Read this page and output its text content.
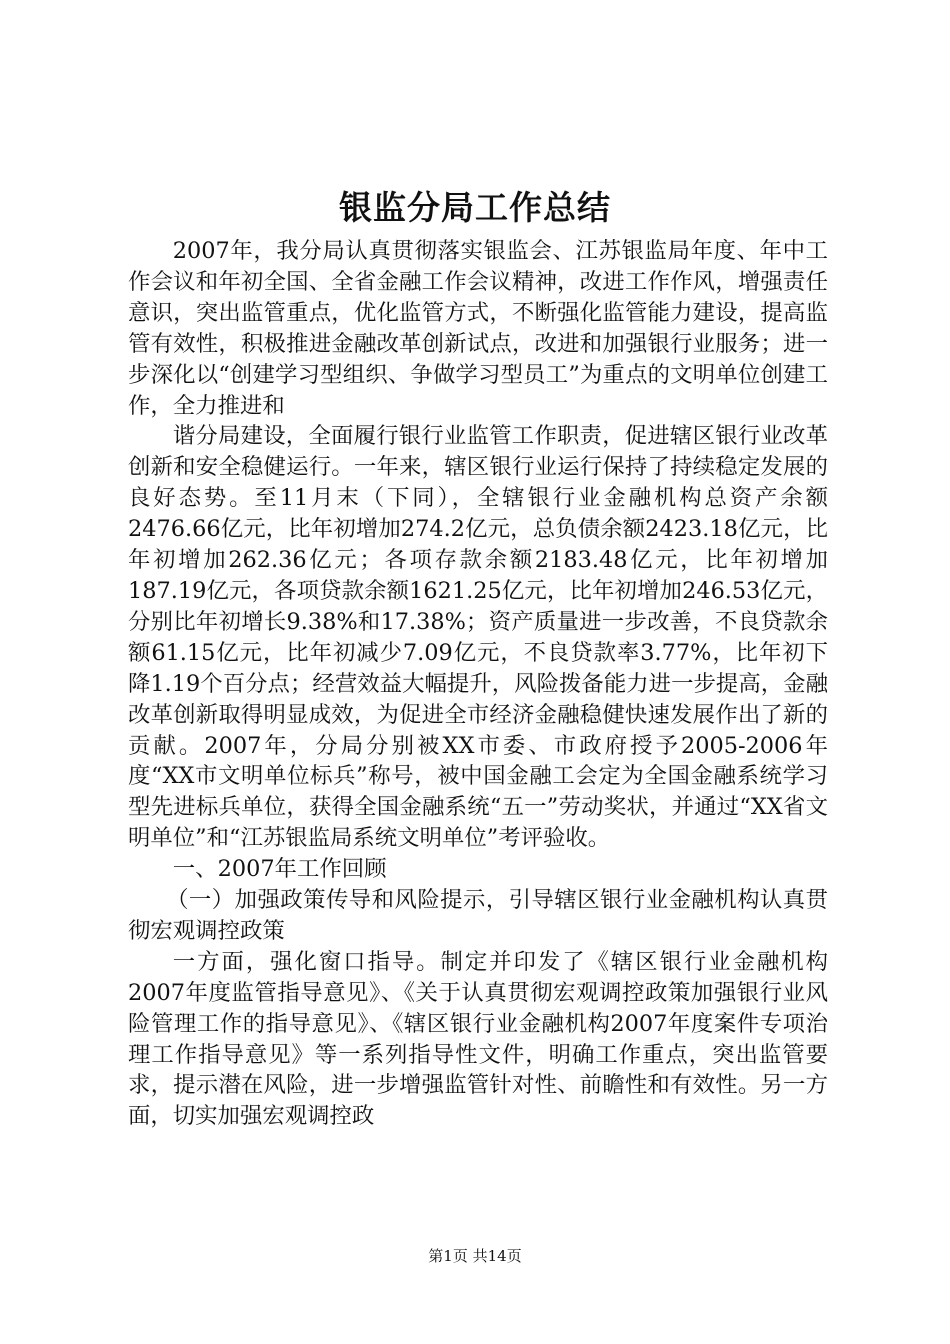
银监分局工作总结

2007年，我分局认真贯彻落实银监会、江苏银监局年度、年中工作会议和年初全国、全省金融工作会议精神，改进工作作风，增强责任意识，突出监管重点，优化监管方式，不断强化监管能力建设，提高监管有效性，积极推进金融改革创新试点，改进和加强银行业服务；进一步深化以“创建学习型组织、争做学习型员工”为重点的文明单位创建工作，全力推进和

谐分局建设，全面履行银行业监管工作职责，促进辖区银行业改革创新和安全稳健运行。一年来，辖区银行业运行保持了持续稳定发展的良好态势。至11月末（下同），全辖银行业金融机构总资产余额2476.66亿元，比年初增加274.2亿元，总负债余额2423.18亿元，比年初增加262.36亿元；各项存款余额2183.48亿元，比年初增加187.19亿元，各项贷款余额1621.25亿元，比年初增加246.53亿元，分别比年初增长9.38%和17.38%；资产质量进一步改善，不良贷款余额61.15亿元，比年初减少7.09亿元，不良贷款率3.77%，比年初下降1.19个百分点；经营效益大幅提升，风险拨备能力进一步提高，金融改革创新取得明显成效，为促进全市经济金融稳健快速发展作出了新的贡献。2007年，分局分别被XX市委、市政府授予2005-2006年度“XX市文明单位标兵”称号，被中国金融工会定为全国金融系统学习型先进标兵单位，获得全国金融系统“五一”劳动奖状，并通过“XX省文明单位”和“江苏银监局系统文明单位”考评验收。

一、2007年工作回顾

（一）加强政策传导和风险提示，引导辖区银行业金融机构认真贯彻宏观调控政策

一方面，强化窗口指导。制定并印发了《辖区银行业金融机构2007年度监管指导意见》、《关于认真贯彻宏观调控政策加强银行业风险管理工作的指导意见》、《辖区银行业金融机构2007年度案件专项治理工作指导意见》等一系列指导性文件，明确工作重点，突出监管要求，提示潜在风险，进一步增强监管针对性、前瞻性和有效性。另一方面，切实加强宏观调控政

第1页 共14页
